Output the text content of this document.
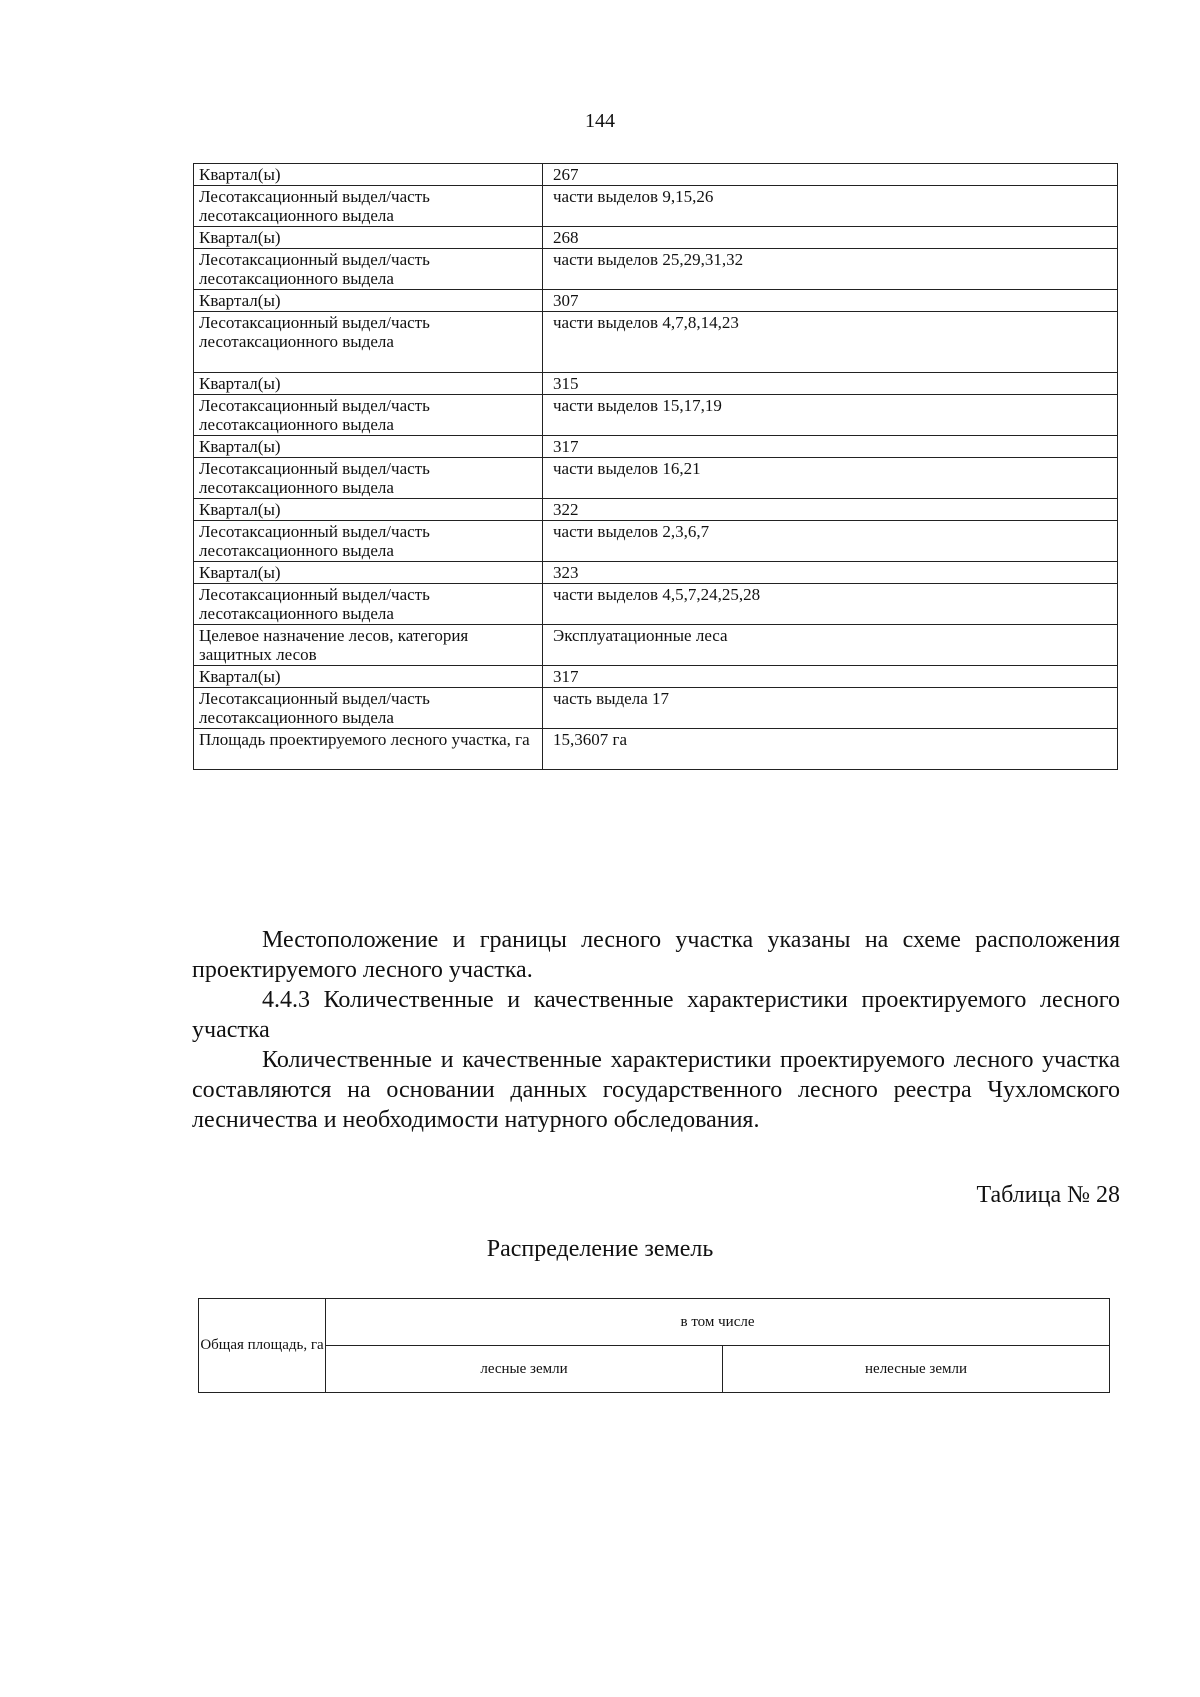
144
Квартал(ы)	267
Лесотаксационный выдел/часть лесотаксационного выдела	части выделов 9,15,26
Квартал(ы)	268
Лесотаксационный выдел/часть лесотаксационного выдела	части выделов 25,29,31,32
Квартал(ы)	307
Лесотаксационный выдел/часть лесотаксационного выдела	части выделов 4,7,8,14,23
Квартал(ы)	315
Лесотаксационный выдел/часть лесотаксационного выдела	части выделов 15,17,19
Квартал(ы)	317
Лесотаксационный выдел/часть лесотаксационного выдела	части выделов 16,21
Квартал(ы)	322
Лесотаксационный выдел/часть лесотаксационного выдела	части выделов 2,3,6,7
Квартал(ы)	323
Лесотаксационный выдел/часть лесотаксационного выдела	части выделов 4,5,7,24,25,28
Целевое назначение лесов, категория защитных лесов	Эксплуатационные леса
Квартал(ы)	317
Лесотаксационный выдел/часть лесотаксационного выдела	часть выдела 17
Площадь проектируемого лесного участка, га	15,3607 га
Местоположение и границы лесного участка указаны на схеме расположения проектируемого лесного участка.
4.4.3 Количественные и качественные характеристики проектируемого лесного участка
Количественные и качественные характеристики проектируемого лесного участка составляются на основании данных государственного лесного реестра Чухломского лесничества и необходимости натурного обследования.
Таблица № 28
Распределение земель
Общая площадь, га	в том числе	
	лесные земли	нелесные земли
